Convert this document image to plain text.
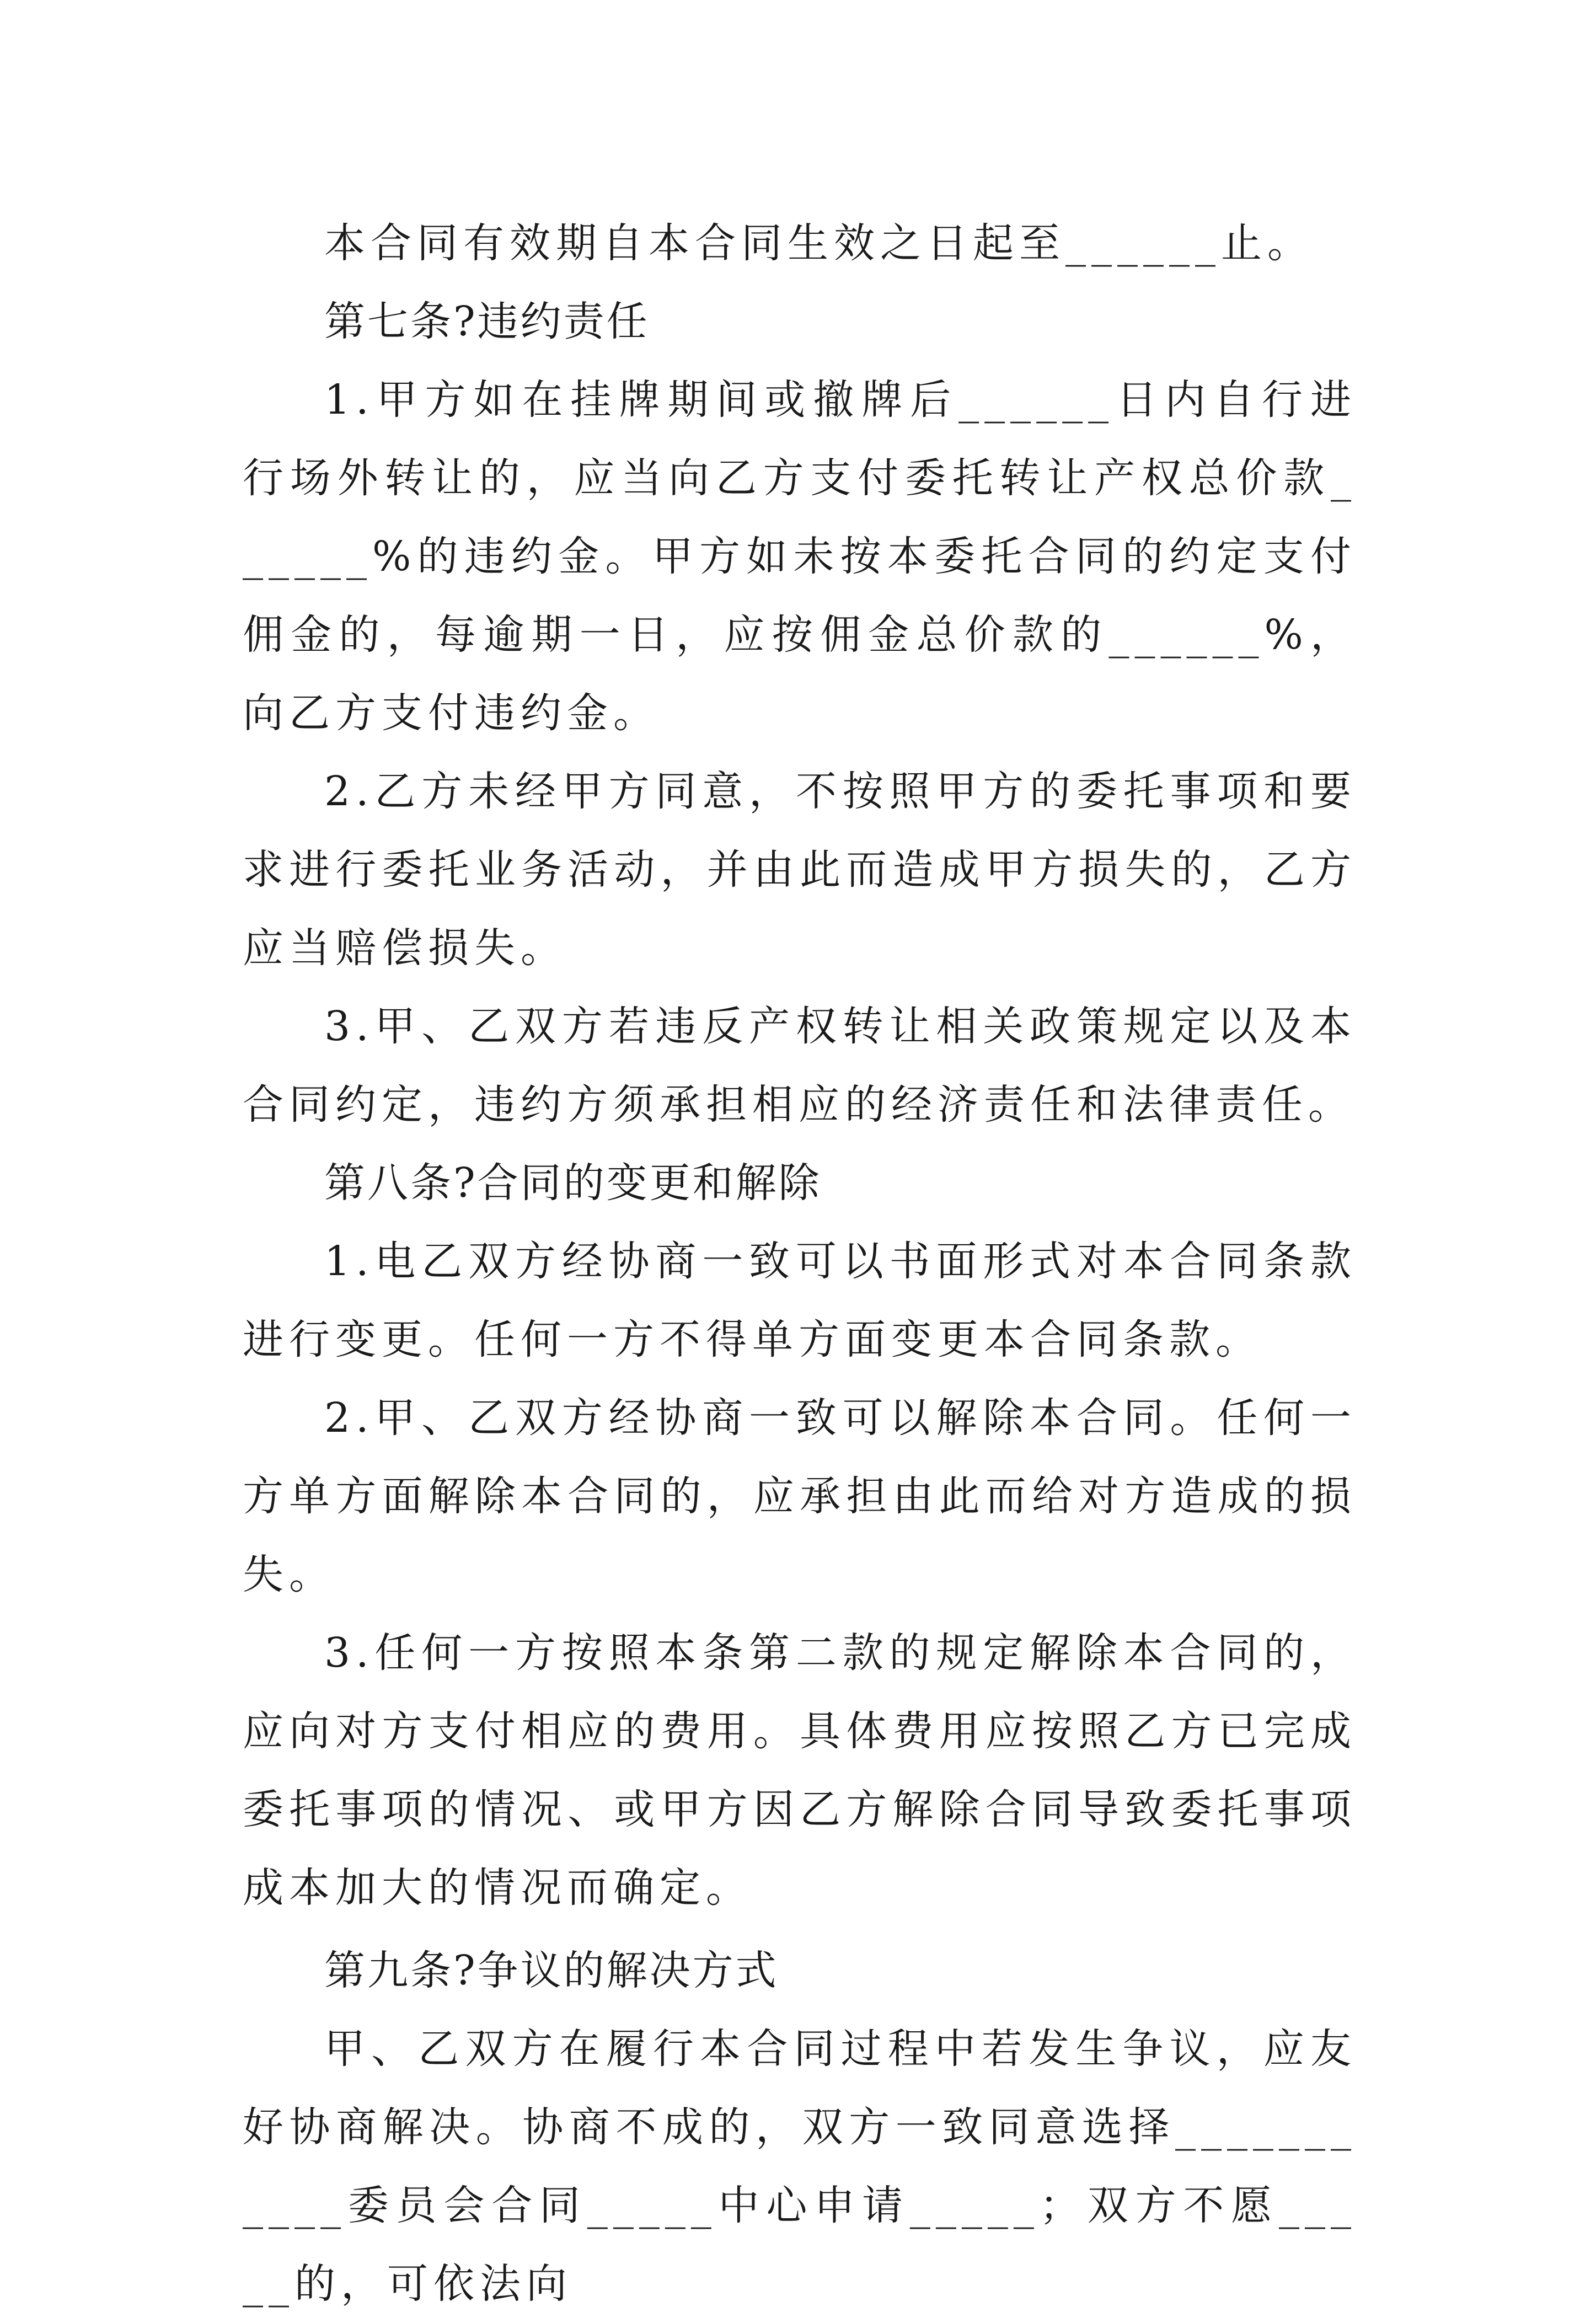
本合同有效期自本合同生效之日起至______止。
第七条?违约责任
1.甲方如在挂牌期间或撤牌后______日内自行进行场外转让的，应当向乙方支付委托转让产权总价款______%的违约金。甲方如未按本委托合同的约定支付佣金的，每逾期一日，应按佣金总价款的______%，向乙方支付违约金。
2.乙方未经甲方同意，不按照甲方的委托事项和要求进行委托业务活动，并由此而造成甲方损失的，乙方应当赔偿损失。
3.甲、乙双方若违反产权转让相关政策规定以及本合同约定，违约方须承担相应的经济责任和法律责任。
第八条?合同的变更和解除
1.电乙双方经协商一致可以书面形式对本合同条款进行变更。任何一方不得单方面变更本合同条款。
2.甲、乙双方经协商一致可以解除本合同。任何一方单方面解除本合同的，应承担由此而给对方造成的损失。
3.任何一方按照本条第二款的规定解除本合同的，应向对方支付相应的费用。具体费用应按照乙方已完成委托事项的情况、或甲方因乙方解除合同导致委托事项成本加大的情况而确定。
第九条?争议的解决方式
甲、乙双方在履行本合同过程中若发生争议，应友好协商解决。协商不成的，双方一致同意选择___________委员会合同_____中心申请_____；双方不愿_____的，可依法向
